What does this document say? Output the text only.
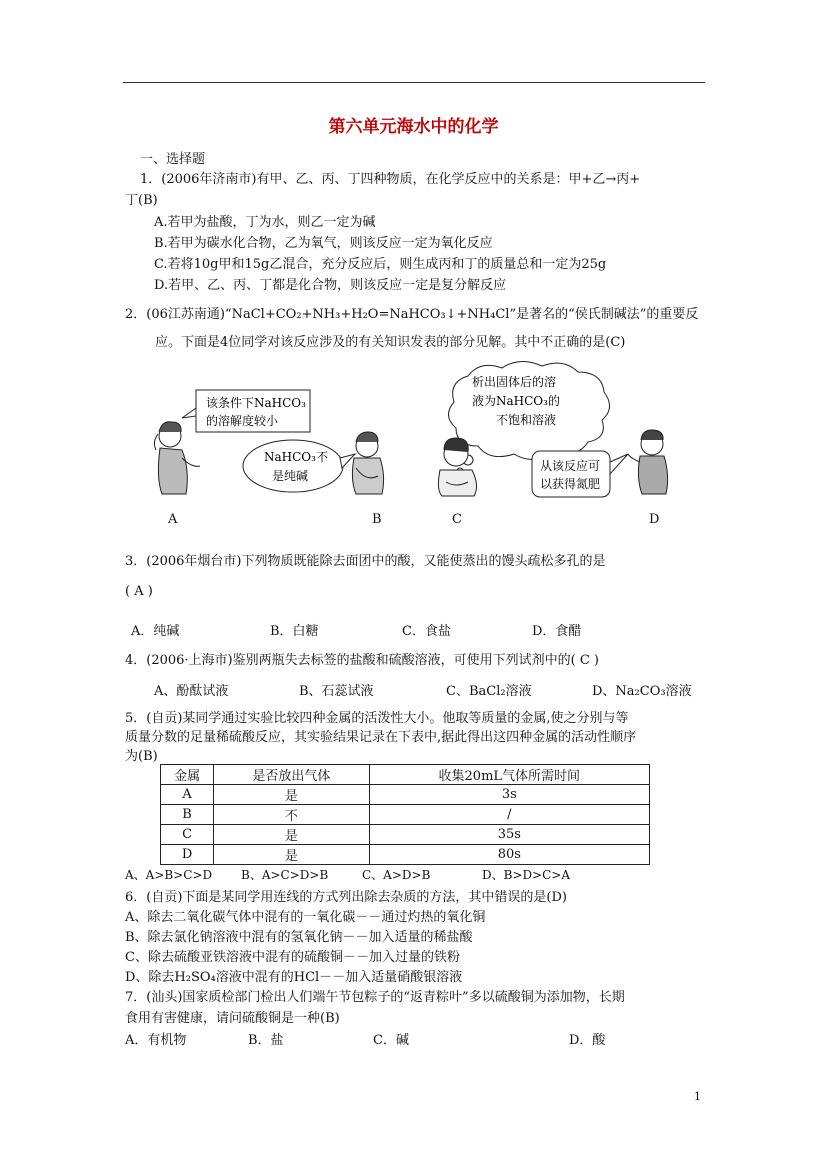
第六单元海水中的化学
一、选择题
1．(2006年济南市)有甲、乙、丙、丁四种物质，在化学反应中的关系是：甲+乙→丙+
丁(B)
A.若甲为盐酸，丁为水，则乙一定为碱
B.若甲为碳水化合物，乙为氧气，则该反应一定为氧化反应
C.若将10g甲和15g乙混合，充分反应后，则生成丙和丁的质量总和一定为25g
D.若甲、乙、丙、丁都是化合物，则该反应一定是复分解反应
2．(06江苏南通)“NaCl+CO₂+NH₃+H₂O=NaHCO₃↓+NH₄Cl”是著名的“侯氏制碱法”的重要反
应。下面是4位同学对该反应涉及的有关知识发表的部分见解。其中不正确的是(C)
该条件下NaHCO₃
的溶解度较小
NaHCO₃不
是纯碱
析出固体后的溶
液为NaHCO₃的
不饱和溶液
从该反应可
以获得氮肥
A	B	C	D
3．(2006年烟台市)下列物质既能除去面团中的酸，又能使蒸出的馒头疏松多孔的是
( A )
A．纯碱	B．白糖	C．食盐	D．食醋
4．(2006·上海市)鉴别两瓶失去标签的盐酸和硫酸溶液，可使用下列试剂中的( C )
A、酚酞试液	B、石蕊试液	C、BaCl₂溶液	D、Na₂CO₃溶液
5．(自贡)某同学通过实验比较四种金属的活泼性大小。他取等质量的金属,使之分别与等
质量分数的足量稀硫酸反应，其实验结果记录在下表中,据此得出这四种金属的活动性顺序
为(B)
金属	是否放出气体	收集20mL气体所需时间
A	是	3s
B	不	/
C	是	35s
D	是	80s
A、A>B>C>D B、A>C>D>B	C、A>D>B	D、B>D>C>A
6．(自贡)下面是某同学用连线的方式列出除去杂质的方法，其中错误的是(D)
A、除去二氧化碳气体中混有的一氧化碳－－通过灼热的氧化铜
B、除去氯化钠溶液中混有的氢氧化钠－－加入适量的稀盐酸
C、除去硫酸亚铁溶液中混有的硫酸铜－－加入过量的铁粉
D、除去H₂SO₄溶液中混有的HCl－－加入适量硝酸银溶液
7．(汕头)国家质检部门检出人们端午节包粽子的“返青粽叶”多以硫酸铜为添加物，长期
食用有害健康，请问硫酸铜是一种(B)
A．有机物	B．盐	C．碱	D．酸
1
